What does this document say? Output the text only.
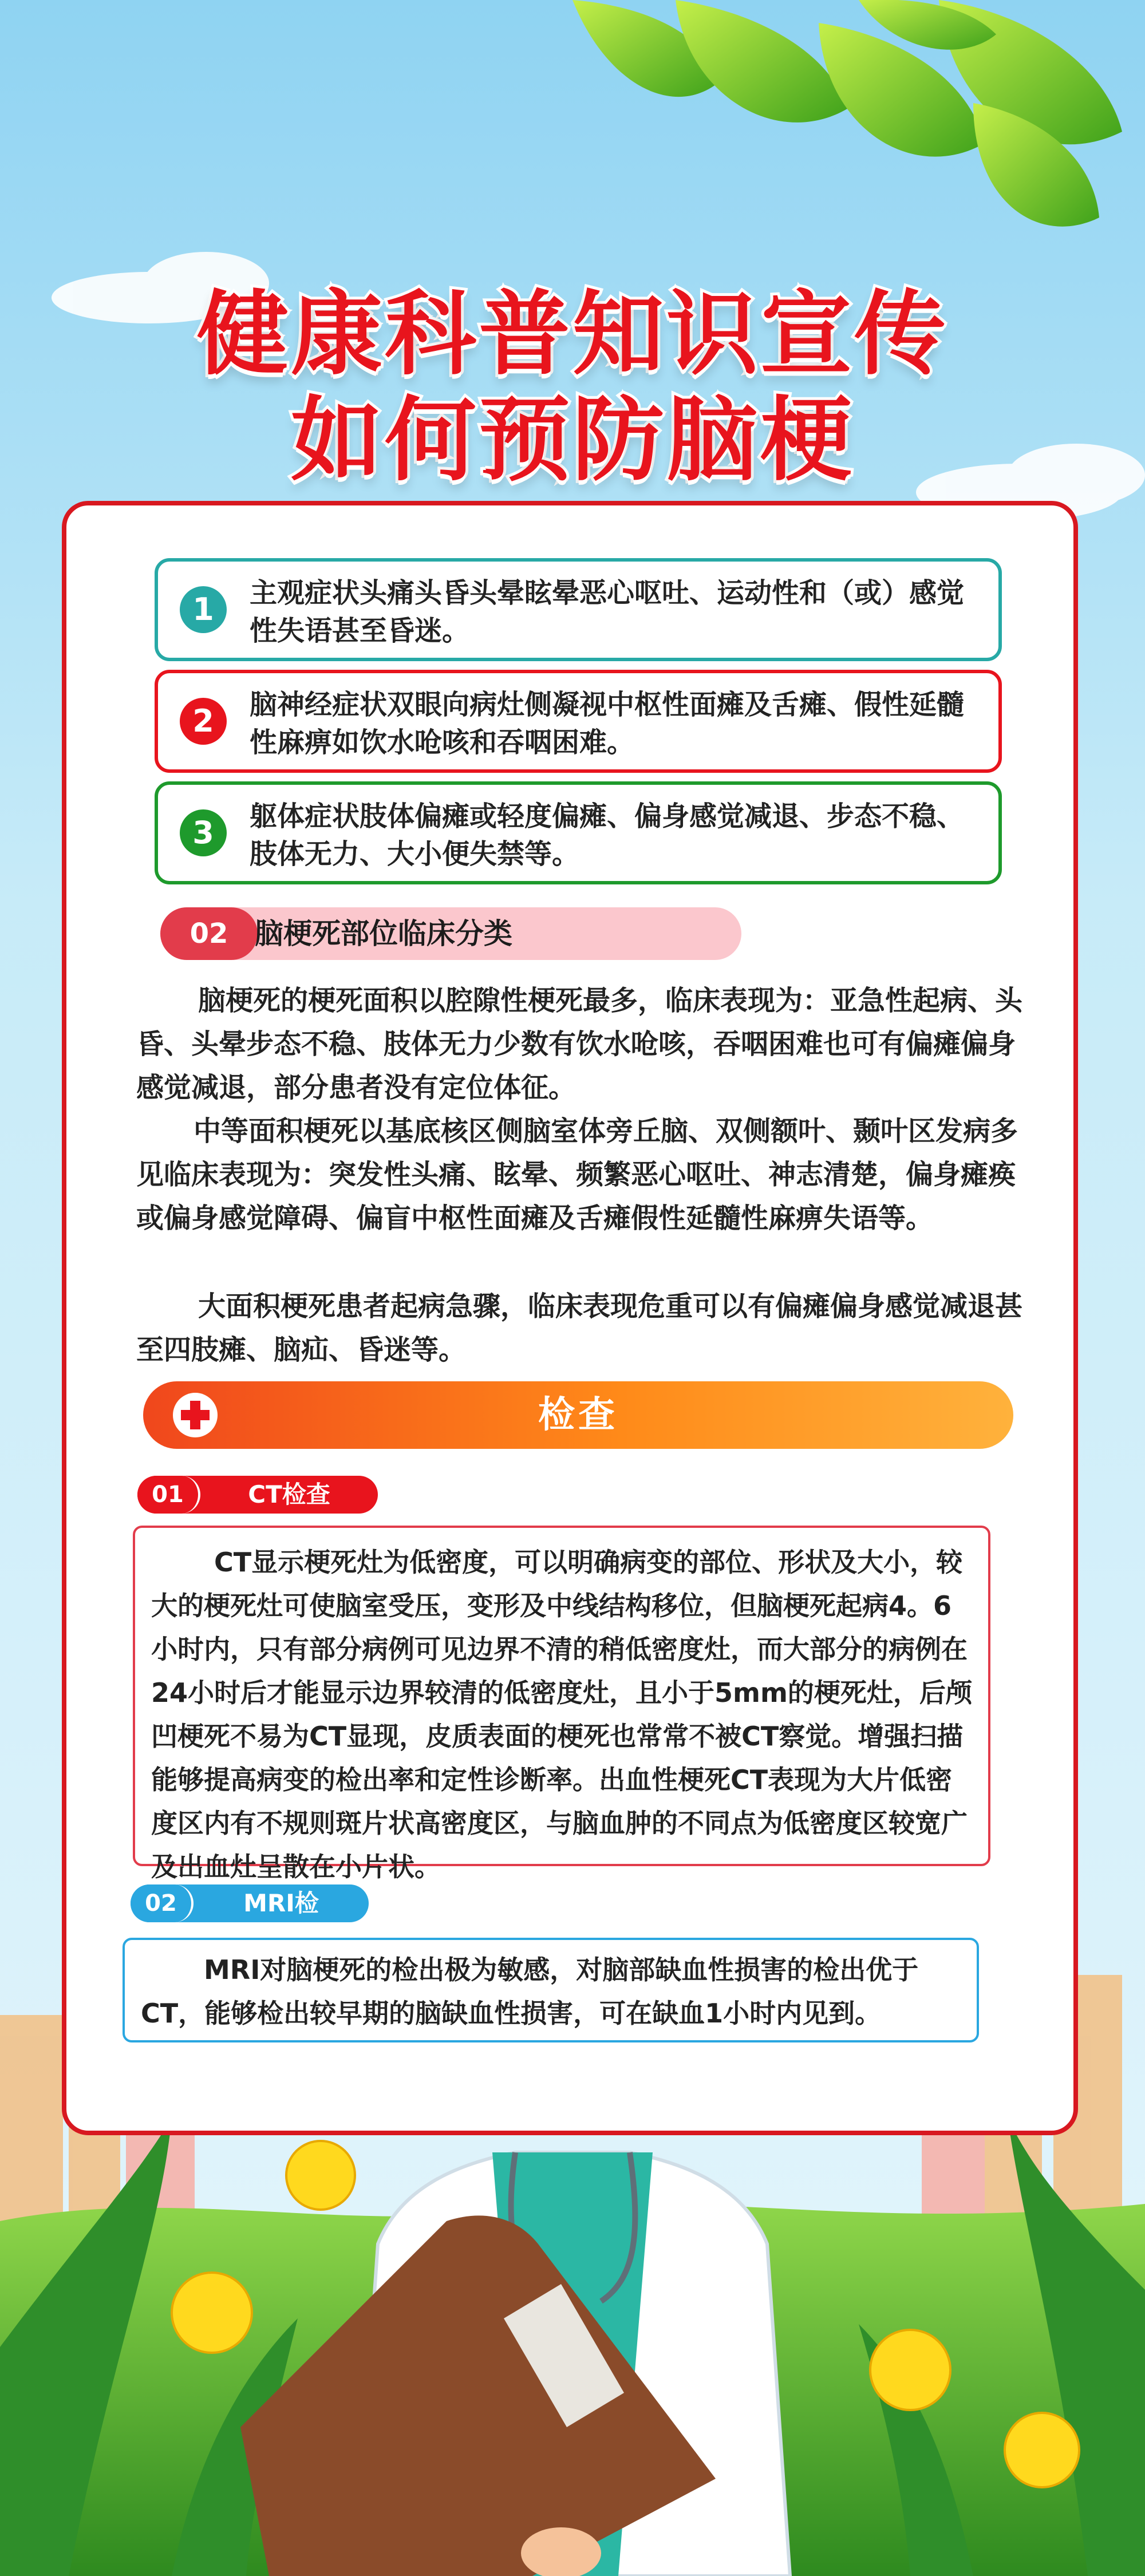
健康科普知识宣传
如何预防脑梗
1	主观症状头痛头昏头晕眩晕恶心呕吐、运动性和（或）感觉性失语甚至昏迷。
2	脑神经症状双眼向病灶侧凝视中枢性面瘫及舌瘫、假性延髓性麻痹如饮水呛咳和吞咽困难。
3	躯体症状肢体偏瘫或轻度偏瘫、偏身感觉减退、步态不稳、肢体无力、大小便失禁等。
02 脑梗死部位临床分类

脑梗死的梗死面积以腔隙性梗死最多，临床表现为：亚急性起病、头昏、头晕步态不稳、肢体无力少数有饮水呛咳，吞咽困难也可有偏瘫偏身感觉减退，部分患者没有定位体征。

中等面积梗死以基底核区侧脑室体旁丘脑、双侧额叶、颞叶区发病多见临床表现为：突发性头痛、眩晕、频繁恶心呕吐、神志清楚，偏身瘫痪或偏身感觉障碍、偏盲中枢性面瘫及舌瘫假性延髓性麻痹失语等。

大面积梗死患者起病急骤，临床表现危重可以有偏瘫偏身感觉减退甚至四肢瘫、脑疝、昏迷等。

检查
01	CT检查

CT显示梗死灶为低密度，可以明确病变的部位、形状及大小，较大的梗死灶可使脑室受压，变形及中线结构移位，但脑梗死起病4。6小时内，只有部分病例可见边界不清的稍低密度灶，而大部分的病例在24小时后才能显示边界较清的低密度灶，且小于5mm的梗死灶，后颅凹梗死不易为CT显现，皮质表面的梗死也常常不被CT察觉。增强扫描能够提高病变的检出率和定性诊断率。出血性梗死CT表现为大片低密度区内有不规则斑片状高密度区，与脑血肿的不同点为低密度区较宽广及出血灶呈散在小片状。

02	MRI检

MRI对脑梗死的检出极为敏感，对脑部缺血性损害的检出优于CT，能够检出较早期的脑缺血性损害，可在缺血1小时内见到。
